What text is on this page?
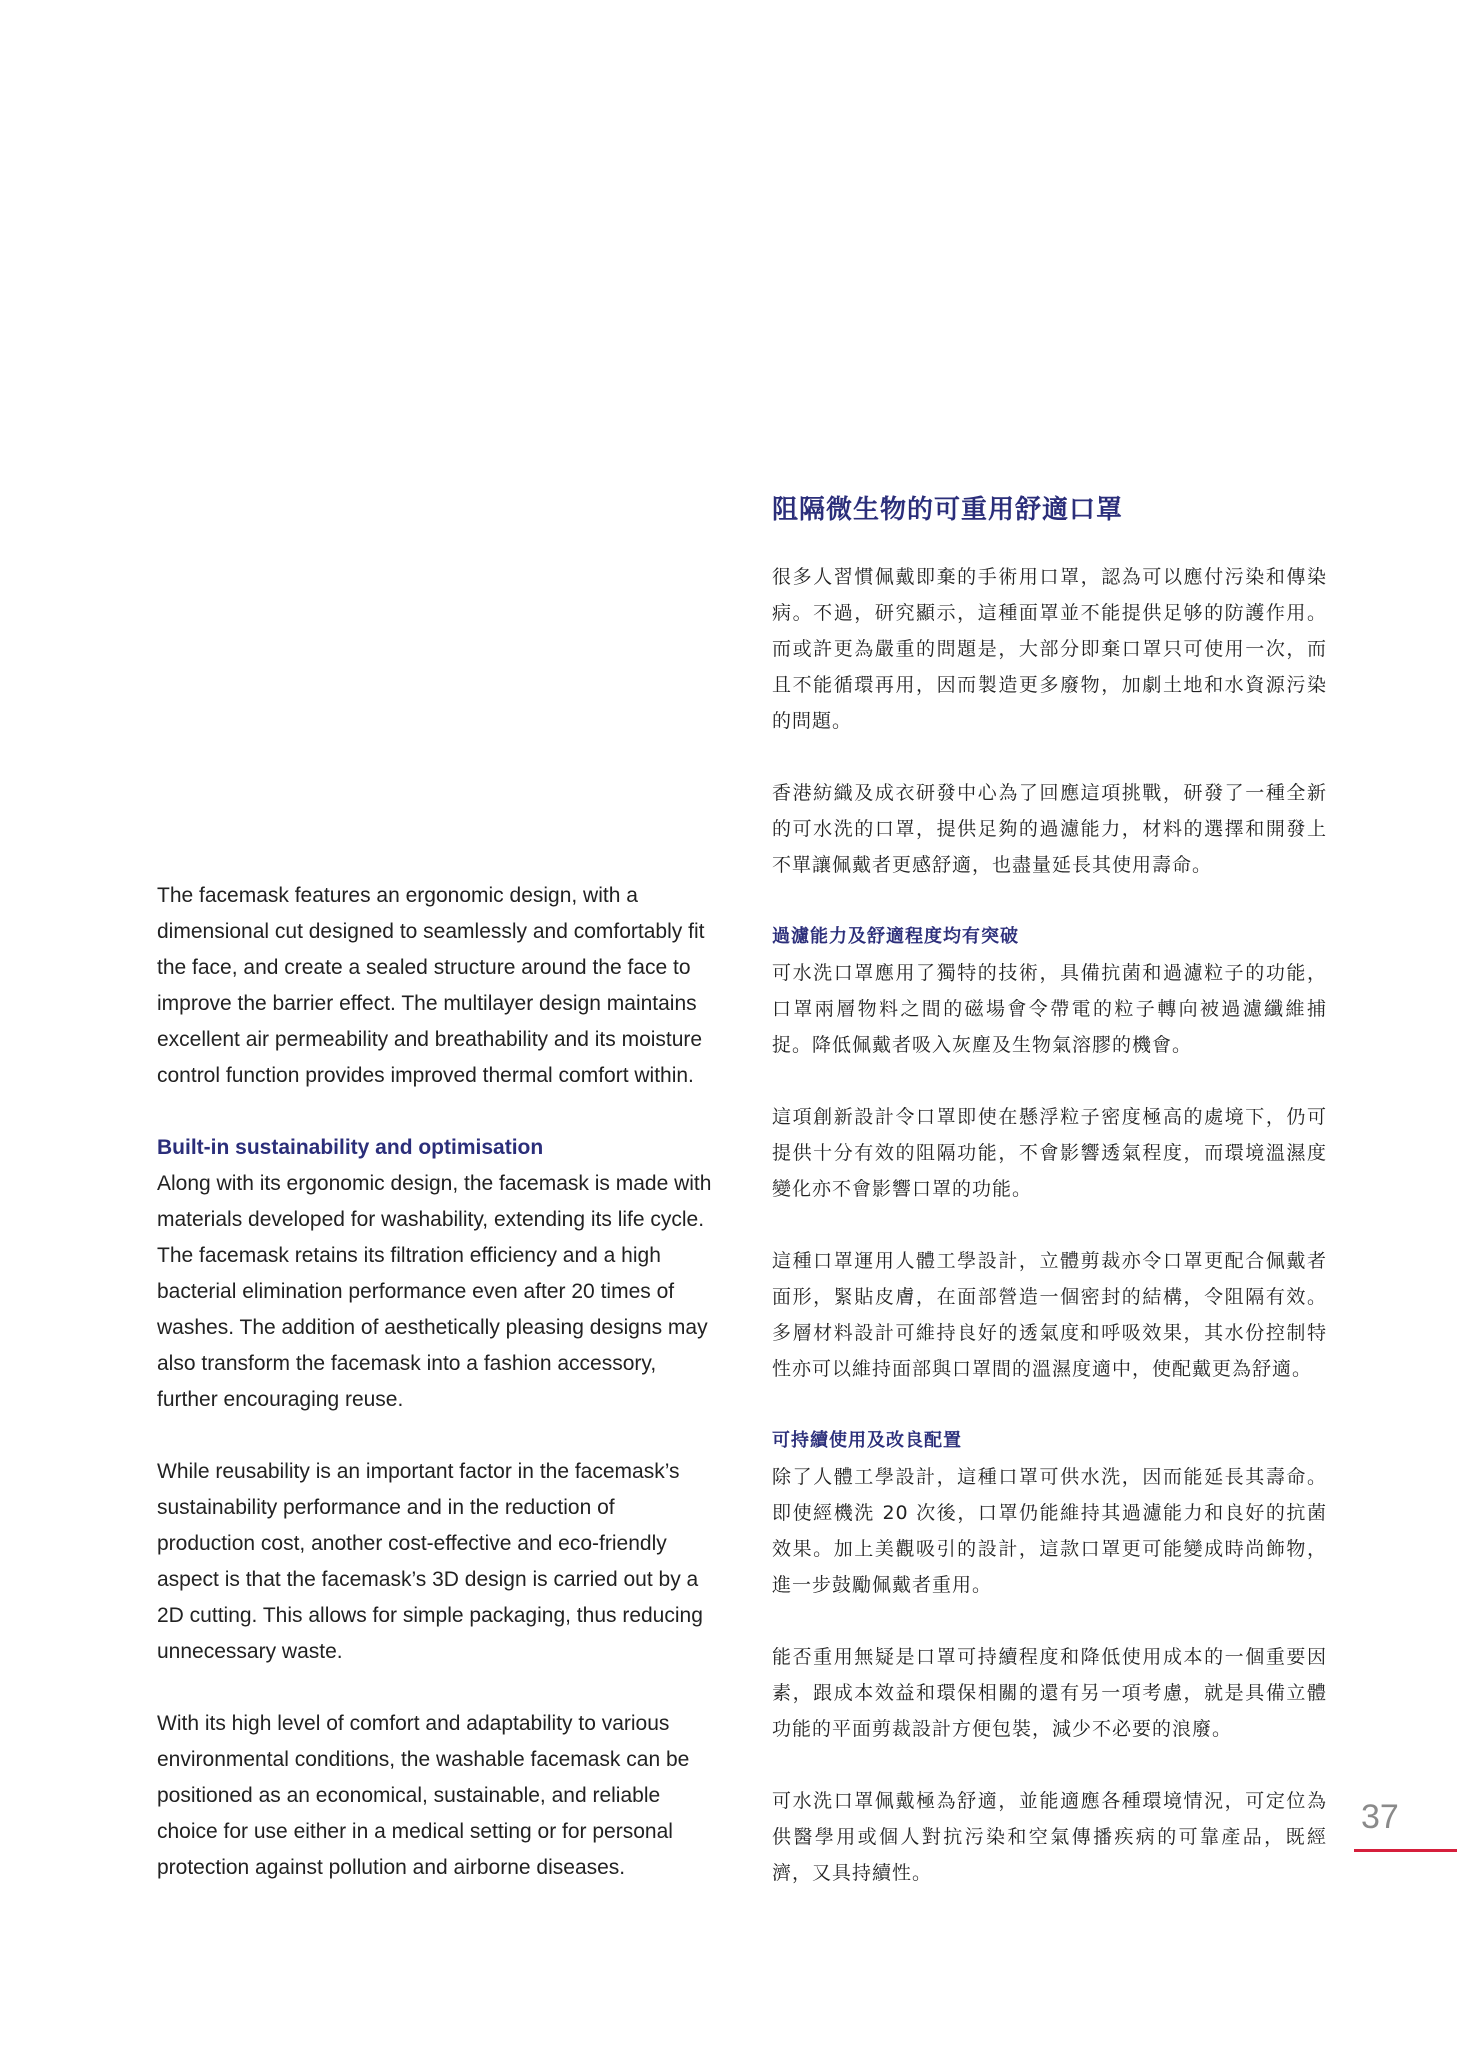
The facemask features an ergonomic design, with a dimensional cut designed to seamlessly and comfortably fit the face, and create a sealed structure around the face to improve the barrier effect. The multilayer design maintains excellent air permeability and breathability and its moisture control function provides improved thermal comfort within.

Built-in sustainability and optimisation

Along with its ergonomic design, the facemask is made with materials developed for washability, extending its life cycle. The facemask retains its filtration efficiency and a high bacterial elimination performance even after 20 times of washes. The addition of aesthetically pleasing designs may also transform the facemask into a fashion accessory, further encouraging reuse.

While reusability is an important factor in the facemask’s sustainability performance and in the reduction of production cost, another cost-effective and eco-friendly aspect is that the facemask’s 3D design is carried out by a 2D cutting. This allows for simple packaging, thus reducing unnecessary waste.

With its high level of comfort and adaptability to various environmental conditions, the washable facemask can be positioned as an economical, sustainable, and reliable choice for use either in a medical setting or for personal protection against pollution and airborne diseases.

阻隔微生物的可重用舒適口罩

很多人習慣佩戴即棄的手術用口罩，認為可以應付污染和傳染病。不過，研究顯示，這種面罩並不能提供足够的防護作用。而或許更為嚴重的問題是，大部分即棄口罩只可使用一次，而且不能循環再用，因而製造更多廢物，加劇土地和水資源污染的問題。

香港紡織及成衣研發中心為了回應這項挑戰，研發了一種全新的可水洗的口罩，提供足夠的過濾能力，材料的選擇和開發上不單讓佩戴者更感舒適，也盡量延長其使用壽命。

過濾能力及舒適程度均有突破

可水洗口罩應用了獨特的技術，具備抗菌和過濾粒子的功能，口罩兩層物料之間的磁場會令帶電的粒子轉向被過濾纖維捕捉。降低佩戴者吸入灰塵及生物氣溶膠的機會。

這項創新設計令口罩即使在懸浮粒子密度極高的處境下，仍可提供十分有效的阻隔功能，不會影響透氣程度，而環境溫濕度變化亦不會影響口罩的功能。

這種口罩運用人體工學設計，立體剪裁亦令口罩更配合佩戴者面形，緊貼皮膚，在面部營造一個密封的結構，令阻隔有效。多層材料設計可維持良好的透氣度和呼吸效果，其水份控制特性亦可以維持面部與口罩間的溫濕度適中，使配戴更為舒適。

可持續使用及改良配置

除了人體工學設計，這種口罩可供水洗，因而能延長其壽命。即使經機洗 20 次後，口罩仍能維持其過濾能力和良好的抗菌效果。加上美觀吸引的設計，這款口罩更可能變成時尚飾物，進一步鼓勵佩戴者重用。

能否重用無疑是口罩可持續程度和降低使用成本的一個重要因素，跟成本效益和環保相關的還有另一項考慮，就是具備立體功能的平面剪裁設計方便包裝，減少不必要的浪廢。

可水洗口罩佩戴極為舒適，並能適應各種環境情況，可定位為供醫學用或個人對抗污染和空氣傳播疾病的可靠產品，既經濟，又具持續性。

37
